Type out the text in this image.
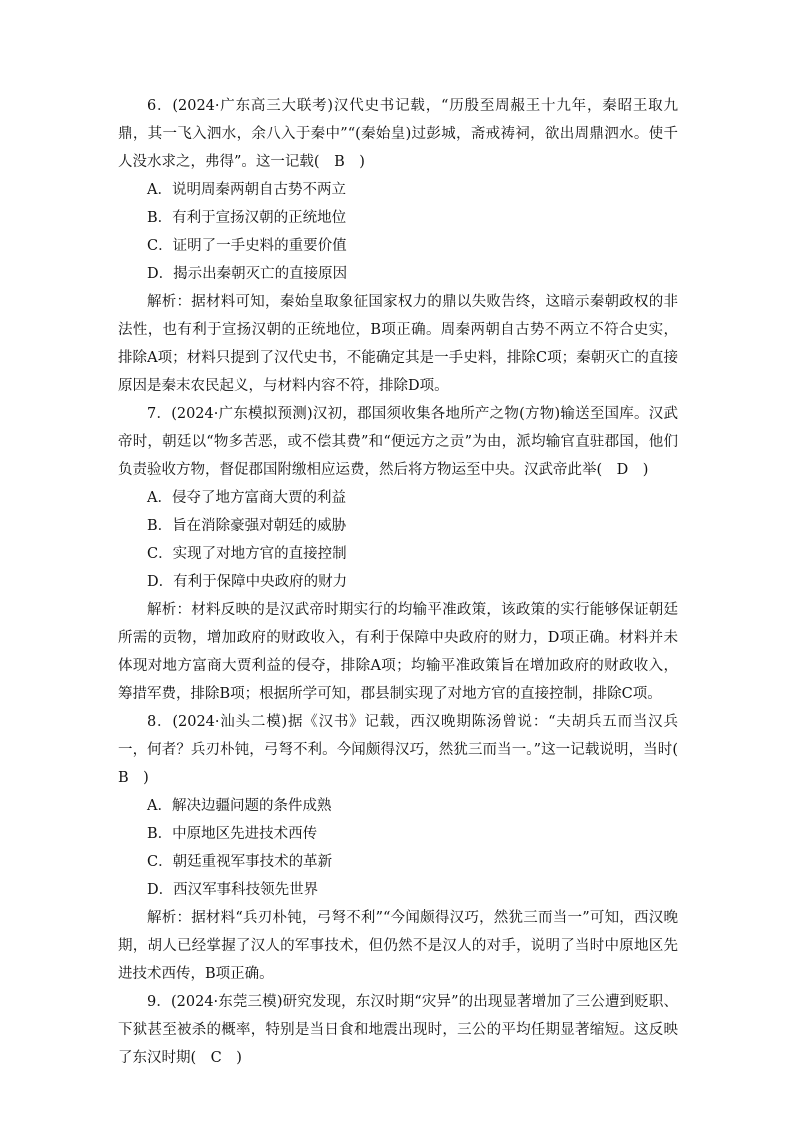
6．(2024·广东高三大联考)汉代史书记载，“历殷至周赧王十九年，秦昭王取九鼎，其一飞入泗水，余八入于秦中”“(秦始皇)过彭城，斋戒祷祠，欲出周鼎泗水。使千人没水求之，弗得”。这一记载(　B　)

A．说明周秦两朝自古势不两立

B．有利于宣扬汉朝的正统地位

C．证明了一手史料的重要价值

D．揭示出秦朝灭亡的直接原因

解析：据材料可知，秦始皇取象征国家权力的鼎以失败告终，这暗示秦朝政权的非法性，也有利于宣扬汉朝的正统地位，B项正确。周秦两朝自古势不两立不符合史实，排除A项；材料只提到了汉代史书，不能确定其是一手史料，排除C项；秦朝灭亡的直接原因是秦末农民起义，与材料内容不符，排除D项。

7．(2024·广东模拟预测)汉初，郡国须收集各地所产之物(方物)输送至国库。汉武帝时，朝廷以“物多苦恶，或不偿其费”和“便远方之贡”为由，派均输官直驻郡国，他们负责验收方物，督促郡国附缴相应运费，然后将方物运至中央。汉武帝此举(　D　)

A．侵夺了地方富商大贾的利益

B．旨在消除豪强对朝廷的威胁

C．实现了对地方官的直接控制

D．有利于保障中央政府的财力

解析：材料反映的是汉武帝时期实行的均输平准政策，该政策的实行能够保证朝廷所需的贡物，增加政府的财政收入，有利于保障中央政府的财力，D项正确。材料并未体现对地方富商大贾利益的侵夺，排除A项；均输平准政策旨在增加政府的财政收入，筹措军费，排除B项；根据所学可知，郡县制实现了对地方官的直接控制，排除C项。

8．(2024·汕头二模)据《汉书》记载，西汉晚期陈汤曾说：“夫胡兵五而当汉兵一，何者？兵刃朴钝，弓弩不利。今闻颇得汉巧，然犹三而当一。”这一记载说明，当时(　B　)

A．解决边疆问题的条件成熟

B．中原地区先进技术西传

C．朝廷重视军事技术的革新

D．西汉军事科技领先世界

解析：据材料“兵刃朴钝，弓弩不利”“今闻颇得汉巧，然犹三而当一”可知，西汉晚期，胡人已经掌握了汉人的军事技术，但仍然不是汉人的对手，说明了当时中原地区先进技术西传，B项正确。

9．(2024·东莞三模)研究发现，东汉时期“灾异”的出现显著增加了三公遭到贬职、下狱甚至被杀的概率，特别是当日食和地震出现时，三公的平均任期显著缩短。这反映了东汉时期(　C　)
